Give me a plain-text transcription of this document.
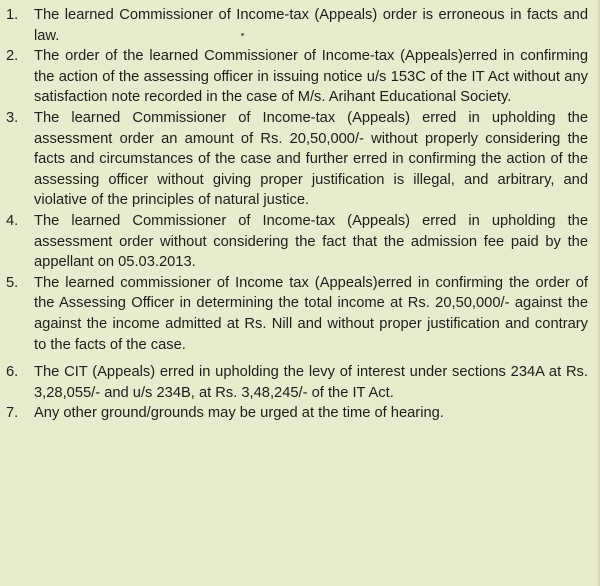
1.	The learned Commissioner of Income-tax (Appeals) order is erroneous in facts and law.
2.	The order of the learned Commissioner of Income-tax (Appeals)erred in confirming the action of the assessing officer in issuing notice u/s 153C of the IT Act without any satisfaction note recorded in the case of M/s. Arihant Educational Society.
3.	The learned Commissioner of Income-tax (Appeals) erred in upholding the assessment order an amount of Rs. 20,50,000/- without properly considering the facts and circumstances of the case and further erred in confirming the action of the assessing officer without giving proper justification is illegal, and arbitrary, and violative of the principles of natural justice.
4.	The learned Commissioner of Income-tax (Appeals) erred in upholding the assessment order without considering the fact that the admission fee paid by the appellant on 05.03.2013.
5.	The learned commissioner of Income tax (Appeals)erred in confirming the order of the Assessing Officer in determining the total income at Rs. 20,50,000/- against the against the income admitted at Rs. Nill and without proper justification and contrary to the facts of the case.
6.	The CIT (Appeals) erred in upholding the levy of interest under sections 234A at Rs. 3,28,055/- and u/s 234B, at Rs. 3,48,245/- of the IT Act.
7.	Any other ground/grounds may be urged at the time of hearing.
